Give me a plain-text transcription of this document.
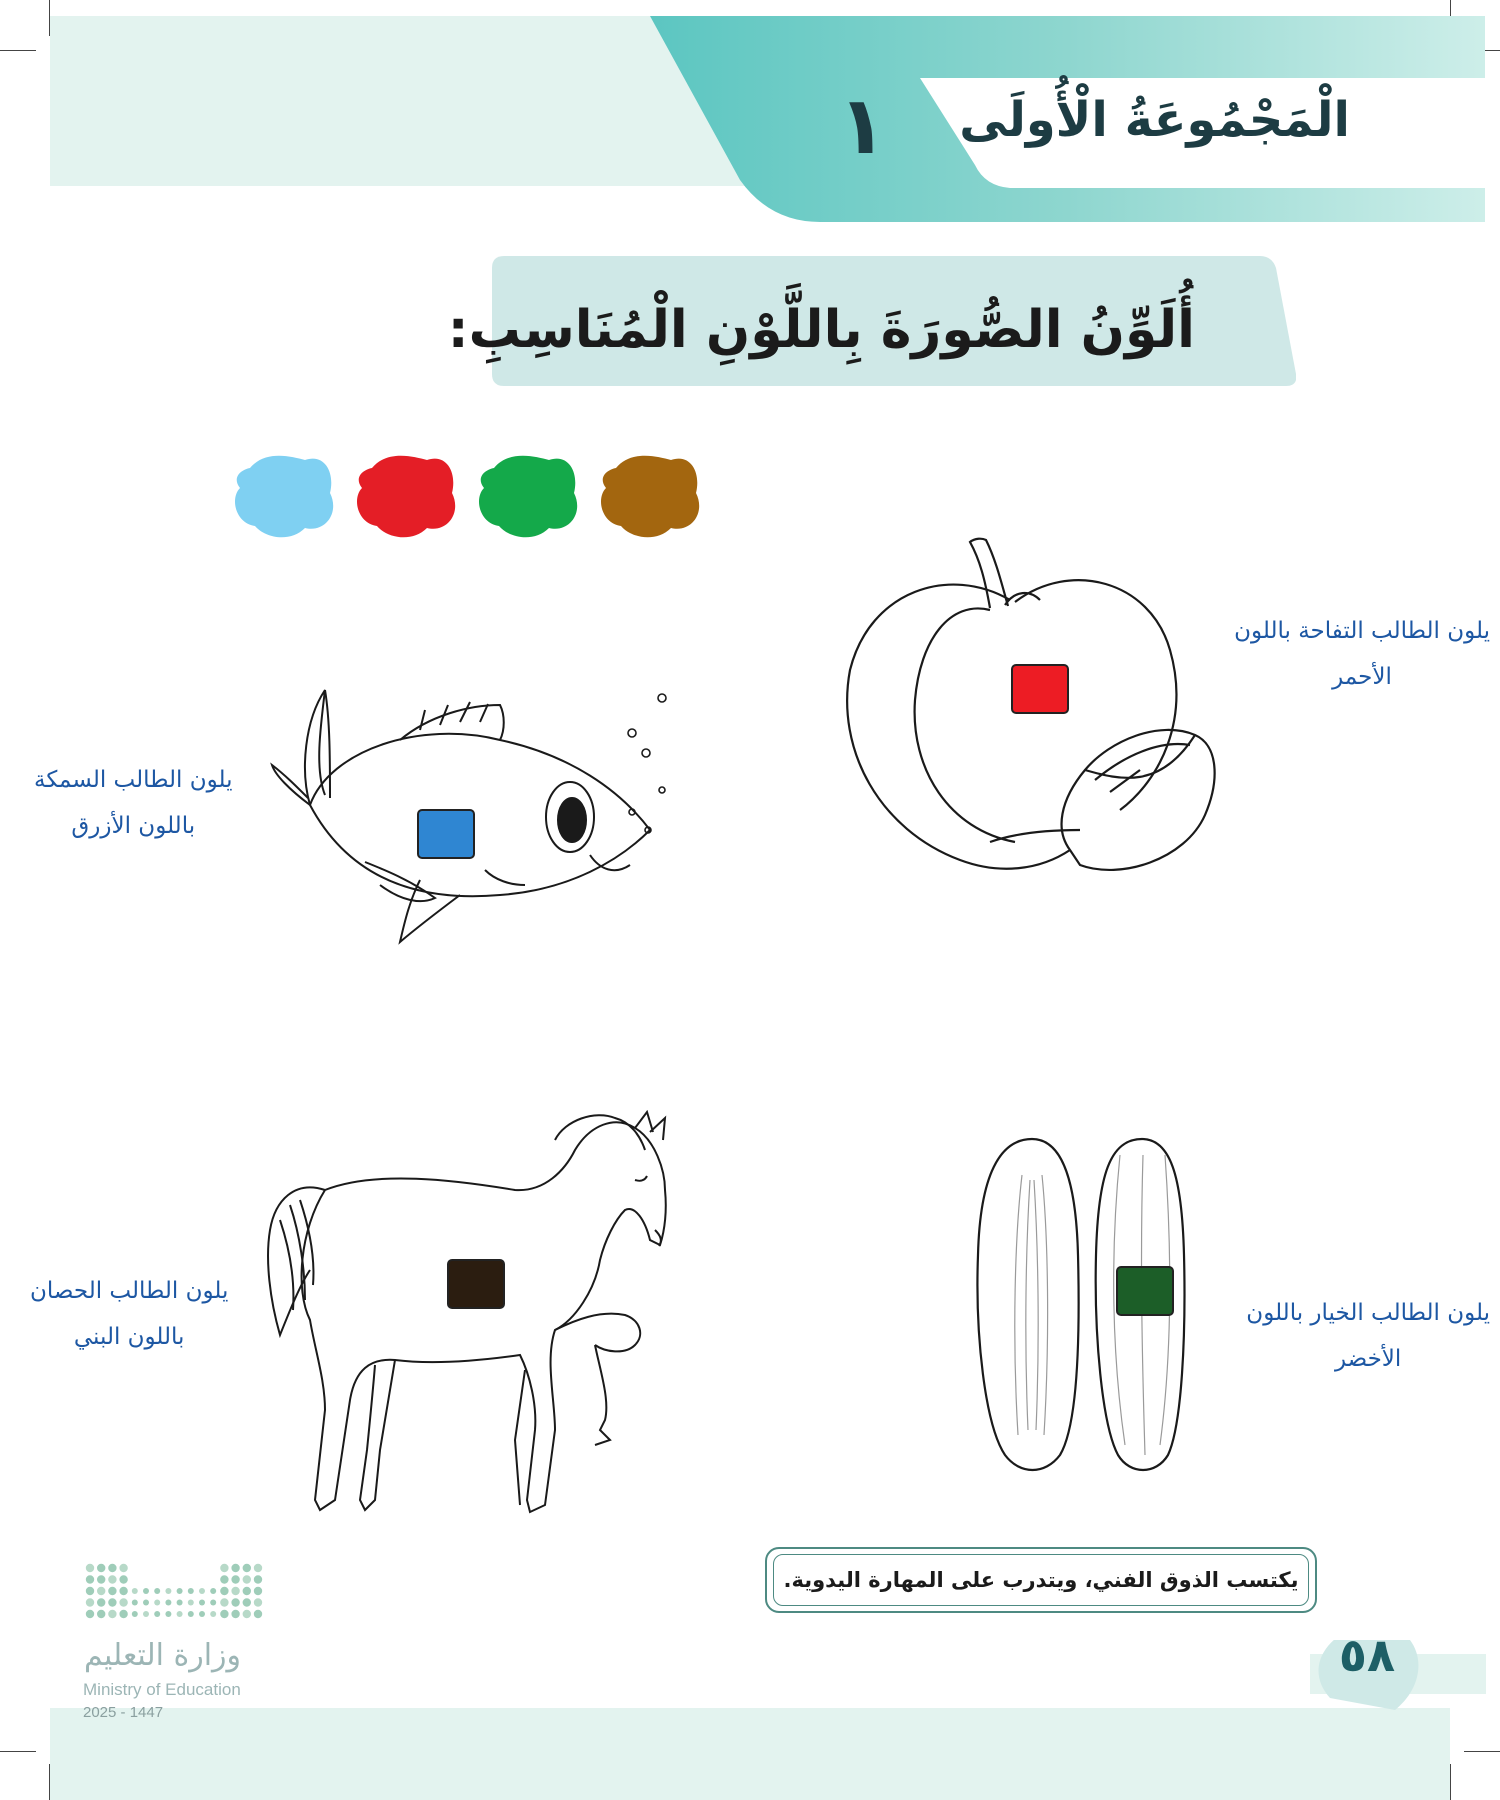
الْمَجْمُوعَةُ الْأُولَى
١
أُلَوِّنُ الصُّورَةَ بِاللَّوْنِ الْمُنَاسِبِ:
يلون الطالب التفاحة باللون
الأحمر
يلون الطالب السمكة
باللون الأزرق
يلون الطالب الحصان
باللون البني
يلون الطالب الخيار باللون
الأخضر
يكتسب الذوق الفني، ويتدرب على المهارة اليدوية.
٥٨
وزارة التعليم
Ministry of Education
2025 - 1447
